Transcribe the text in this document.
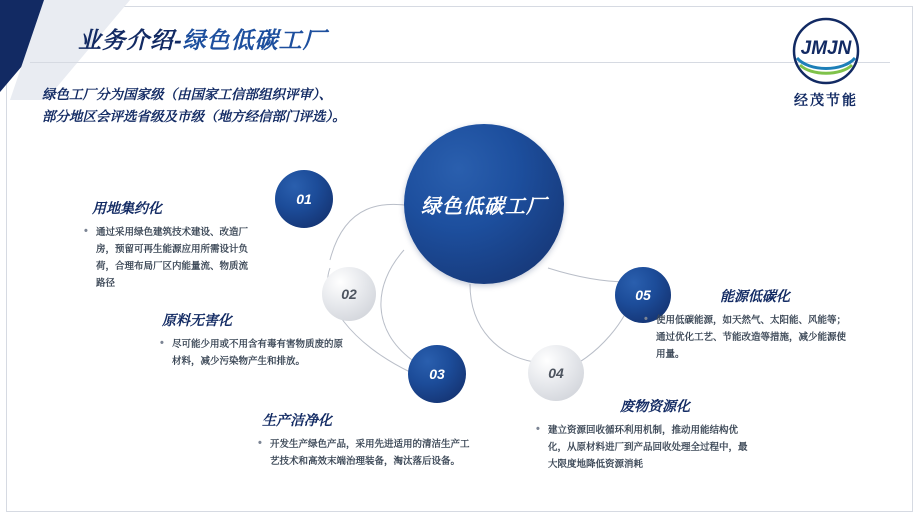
业务介绍-绿色低碳工厂	JMJN
经茂节能
绿色工厂分为国家级（由国家工信部组织评审）、
部分地区会评选省级及市级（地方经信部门评选）。
绿色低碳工厂
01
02
03	04
05
用地集约化
• 通过采用绿色建筑技术建设、改造厂房，预留可再生能源应用所需设计负荷，合理布局厂区内能量流、物质流路径
原料无害化
• 尽可能少用或不用含有毒有害物质废的原材料，减少污染物产生和排放。
生产洁净化
• 开发生产绿色产品，采用先进适用的清洁生产工艺技术和高效末端治理装备，淘汰落后设备。
废物资源化
• 建立资源回收循环利用机制，推动用能结构优化，从原材料进厂到产品回收处理全过程中，最大限度地降低资源消耗
能源低碳化
• 使用低碳能源，如天然气、太阳能、风能等；通过优化工艺、节能改造等措施，减少能源使用量。
